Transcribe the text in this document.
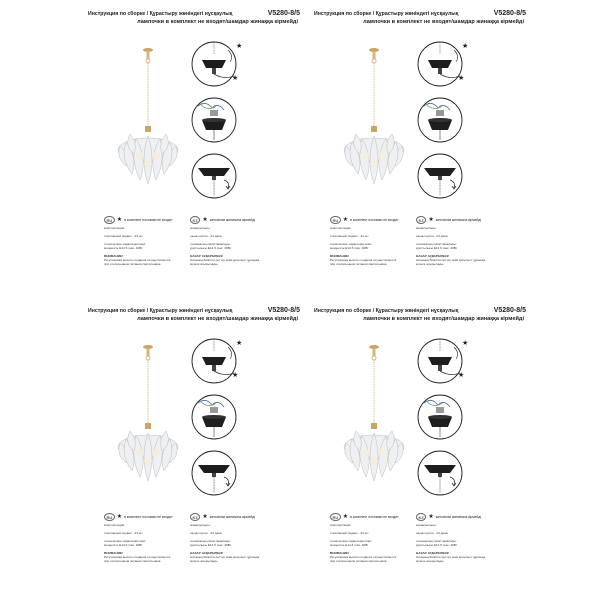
Инструкция по сборке / Құрастыру жөніндегі нұсқаулық	V5280-8/5
лампочки в комплект не входят/шамдар жинаққа кірмейді
★
★
RU ★ в комплект поставки не входит	KZ ★ жеткізілім жинағына кірмейді
комплектация:
стеклянный подвес - 24 шт
технические характеристики:
мощность Е14 6 max. 40Вт
ВНИМАНИЕ!
Регулировка высоты подвеса осуществляется
при отключенном питании светильника.
жинақтылығы:
шыны кулон - 24 дана
техникалық сипаттамалары:
қуаттылығы Е14 6 max. 40Вт
НАЗАР АУДАРЫҢЫЗ!
Аспаның биіктігін реттеу шам қосылып тұрғанда
жүзеге асырылады.
Инструкция по сборке / Құрастыру жөніндегі нұсқаулық	V5280-8/5
лампочки в комплект не входят/шамдар жинаққа кірмейді
★
★
RU ★ в комплект поставки не входит	KZ ★ жеткізілім жинағына кірмейді
комплектация:
стеклянный подвес - 24 шт
технические характеристики:
мощность Е14 6 max. 40Вт
ВНИМАНИЕ!
Регулировка высоты подвеса осуществляется
при отключенном питании светильника.
жинақтылығы:
шыны кулон - 24 дана
техникалық сипаттамалары:
қуаттылығы Е14 6 max. 40Вт
НАЗАР АУДАРЫҢЫЗ!
Аспаның биіктігін реттеу шам қосылып тұрғанда
жүзеге асырылады.
Инструкция по сборке / Құрастыру жөніндегі нұсқаулық	V5280-8/5
лампочки в комплект не входят/шамдар жинаққа кірмейді
★
★
RU ★ в комплект поставки не входит	KZ ★ жеткізілім жинағына кірмейді
комплектация:
стеклянный подвес - 24 шт
технические характеристики:
мощность Е14 6 max. 40Вт
ВНИМАНИЕ!
Регулировка высоты подвеса осуществляется
при отключенном питании светильника.
жинақтылығы:
шыны кулон - 24 дана
техникалық сипаттамалары:
қуаттылығы Е14 6 max. 40Вт
НАЗАР АУДАРЫҢЫЗ!
Аспаның биіктігін реттеу шам қосылып тұрғанда
жүзеге асырылады.
Инструкция по сборке / Құрастыру жөніндегі нұсқаулық	V5280-8/5
лампочки в комплект не входят/шамдар жинаққа кірмейді
★
★
RU ★ в комплект поставки не входит	KZ ★ жеткізілім жинағына кірмейді
комплектация:
стеклянный подвес - 24 шт
технические характеристики:
мощность Е14 6 max. 40Вт
ВНИМАНИЕ!
Регулировка высоты подвеса осуществляется
при отключенном питании светильника.
жинақтылығы:
шыны кулон - 24 дана
техникалық сипаттамалары:
қуаттылығы Е14 6 max. 40Вт
НАЗАР АУДАРЫҢЫЗ!
Аспаның биіктігін реттеу шам қосылып тұрғанда
жүзеге асырылады.
